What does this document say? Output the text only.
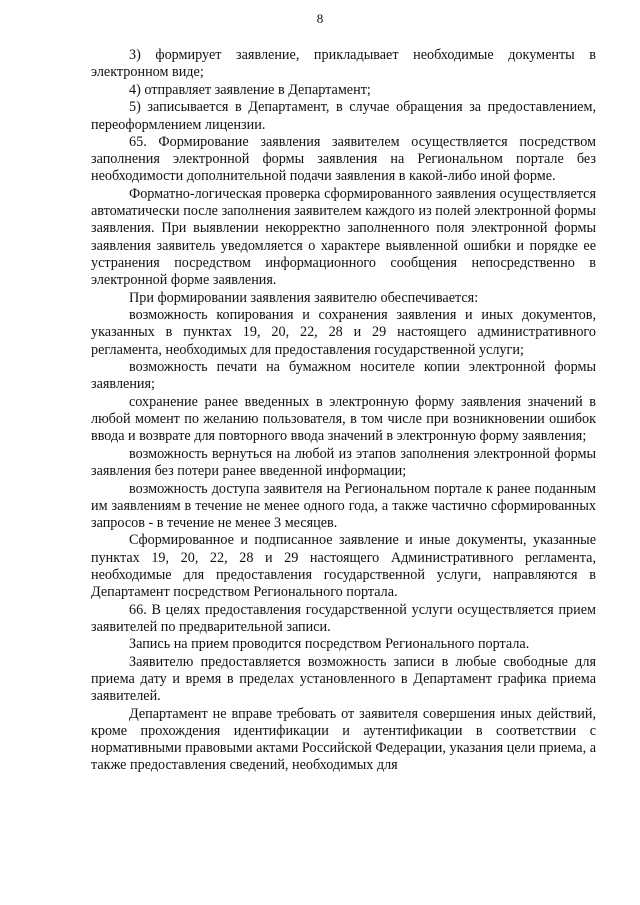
8

3) формирует заявление, прикладывает необходимые документы в электронном виде;

4) отправляет заявление в Департамент;

5) записывается в Департамент, в случае обращения за предоставлением, переоформлением лицензии.

65. Формирование заявления заявителем осуществляется посредством заполнения электронной формы заявления на Региональном портале без необходимости дополнительной подачи заявления в какой-либо иной форме.

Форматно-логическая проверка сформированного заявления осуществляется автоматически после заполнения заявителем каждого из полей электронной формы заявления. При выявлении некорректно заполненного поля электронной формы заявления заявитель уведомляется о характере выявленной ошибки и порядке ее устранения посредством информационного сообщения непосредственно в электронной форме заявления.

При формировании заявления заявителю обеспечивается:

возможность копирования и сохранения заявления и иных документов, указанных в пунктах 19, 20, 22, 28 и 29 настоящего административного регламента, необходимых для предоставления государственной услуги;

возможность печати на бумажном носителе копии электронной формы заявления;

сохранение ранее введенных в электронную форму заявления значений в любой момент по желанию пользователя, в том числе при возникновении ошибок ввода и возврате для повторного ввода значений в электронную форму заявления;

возможность вернуться на любой из этапов заполнения электронной формы заявления без потери ранее введенной информации;

возможность доступа заявителя на Региональном портале к ранее поданным им заявлениям в течение не менее одного года, а также частично сформированных запросов - в течение не менее 3 месяцев.

Сформированное и подписанное заявление и иные документы, указанные пунктах 19, 20, 22, 28 и 29 настоящего Административного регламента, необходимые для предоставления государственной услуги, направляются в Департамент посредством Регионального портала.

66. В целях предоставления государственной услуги осуществляется прием заявителей по предварительной записи.

Запись на прием проводится посредством Регионального портала.

Заявителю предоставляется возможность записи в любые свободные для приема дату и время в пределах установленного в Департамент графика приема заявителей.

Департамент не вправе требовать от заявителя совершения иных действий, кроме прохождения идентификации и аутентификации в соответствии с нормативными правовыми актами Российской Федерации, указания цели приема, а также предоставления сведений, необходимых для
